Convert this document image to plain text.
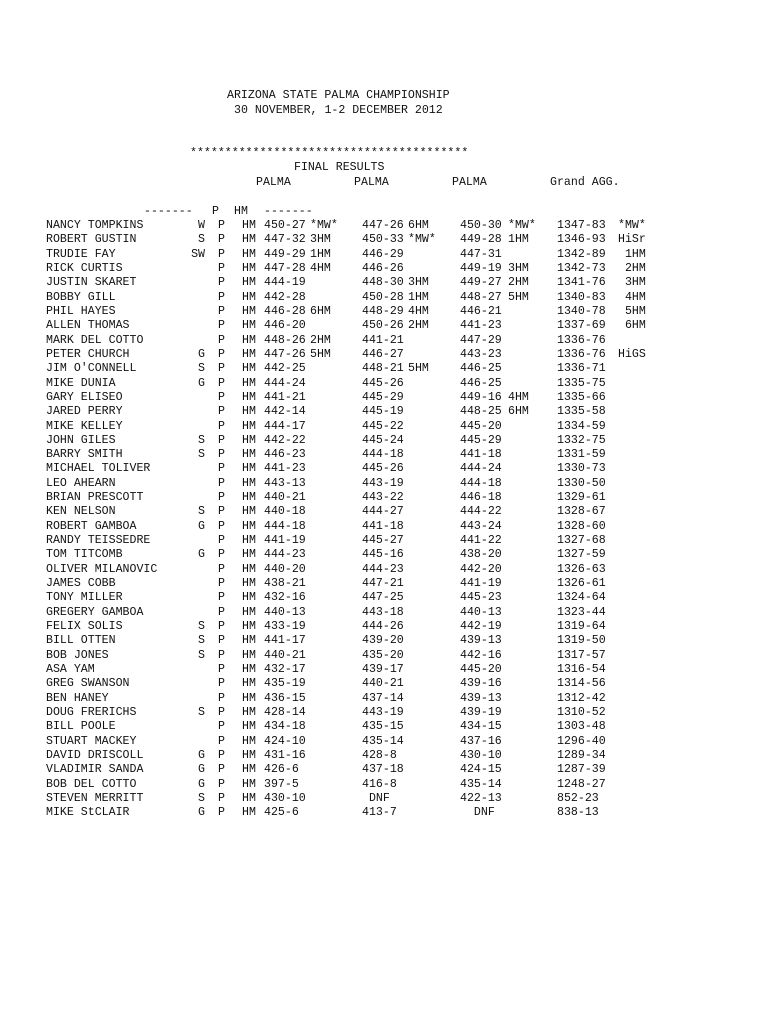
ARIZONA STATE PALMA CHAMPIONSHIP
30 NOVEMBER, 1-2 DECEMBER 2012
****************************************
FINAL RESULTS
PALMA	PALMA	PALMA	Grand AGG.
------- P HM -------
NANCY TOMPKINS	W P HM 450-27 *MW* 447-26 6HM	450-30 *MW* 1347-83 *MW*
ROBERT GUSTIN	S P HM 447-32 3HM	450-33 *MW* 449-28 1HM 1346-93 HiSr
TRUDIE FAY	SW P HM 449-29 1HM	446-29	447-31	1342-89 1HM
RICK CURTIS	P HM 447-28 4HM	446-26	449-19 3HM 1342-73 2HM
JUSTIN SKARET	P HM 444-19	448-30 3HM	449-27 2HM 1341-76 3HM
BOBBY GILL	P HM 442-28	450-28 1HM	448-27 5HM 1340-83 4HM
PHIL HAYES	P HM 446-28 6HM	448-29 4HM	446-21	1340-78 5HM
ALLEN THOMAS	P HM 446-20	450-26 2HM	441-23	1337-69 6HM
MARK DEL COTTO	P HM 448-26 2HM	441-21	447-29	1336-76
PETER CHURCH	G P HM 447-26 5HM	446-27	443-23	1336-76 HiGS
JIM O'CONNELL	S P HM 442-25	448-21 5HM	446-25	1336-71
MIKE DUNIA	G P HM 444-24	445-26	446-25	1335-75
GARY ELISEO	P HM 441-21	445-29	449-16 4HM 1335-66
JARED PERRY	P HM 442-14	445-19	448-25 6HM 1335-58
MIKE KELLEY	P HM 444-17	445-22	445-20	1334-59
JOHN GILES	S P HM 442-22	445-24	445-29	1332-75
BARRY SMITH	S P HM 446-23	444-18	441-18	1331-59
MICHAEL TOLIVER	P HM 441-23	445-26	444-24	1330-73
LEO AHEARN	P HM 443-13	443-19	444-18	1330-50
BRIAN PRESCOTT	P HM 440-21	443-22	446-18	1329-61
KEN NELSON	S P HM 440-18	444-27	444-22	1328-67
ROBERT GAMBOA	G P HM 444-18	441-18	443-24	1328-60
RANDY TEISSEDRE	P HM 441-19	445-27	441-22	1327-68
TOM TITCOMB	G P HM 444-23	445-16	438-20	1327-59
OLIVER MILANOVIC	P HM 440-20	444-23	442-20	1326-63
JAMES COBB	P HM 438-21	447-21	441-19	1326-61
TONY MILLER	P HM 432-16	447-25	445-23	1324-64
GREGERY GAMBOA	P HM 440-13	443-18	440-13	1323-44
FELIX SOLIS	S P HM 433-19	444-26	442-19	1319-64
BILL OTTEN	S P HM 441-17	439-20	439-13	1319-50
BOB JONES	S P HM 440-21	435-20	442-16	1317-57
ASA YAM	P HM 432-17	439-17	445-20	1316-54
GREG SWANSON	P HM 435-19	440-21	439-16	1314-56
BEN HANEY	P HM 436-15	437-14	439-13	1312-42
DOUG FRERICHS	S P HM 428-14	443-19	439-19	1310-52
BILL POOLE	P HM 434-18	435-15	434-15	1303-48
STUART MACKEY	P HM 424-10	435-14	437-16	1296-40
DAVID DRISCOLL	G P HM 431-16	428-8	430-10	1289-34
VLADIMIR SANDA	G P HM 426-6	437-18	424-15	1287-39
BOB DEL COTTO	G P HM 397-5	416-8	435-14	1248-27
STEVEN MERRITT	S P HM 430-10	DNF	422-13	852-23
MIKE StCLAIR	G P HM 425-6	413-7	DNF	838-13
